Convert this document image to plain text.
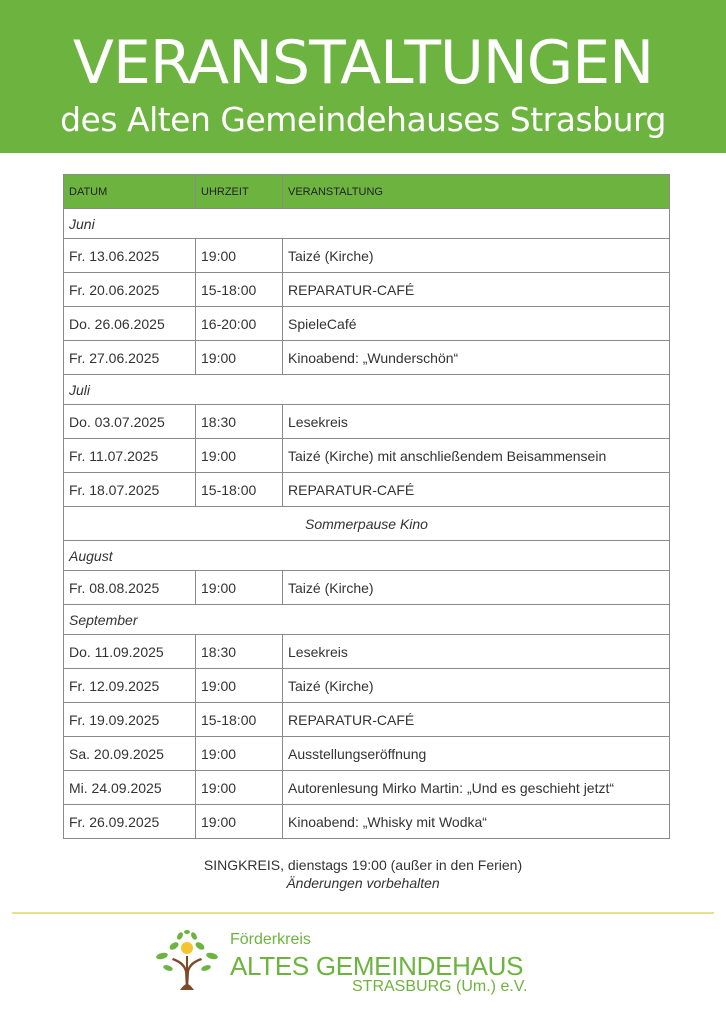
VERANSTALTUNGEN
des Alten Gemeindehauses Strasburg
DATUM	UHRZEIT	VERANSTALTUNG
Juni		
Fr. 13.06.2025	19:00	Taizé (Kirche)
Fr. 20.06.2025	15-18:00	REPARATUR-CAFÉ
Do. 26.06.2025	16-20:00	SpieleCafé
Fr. 27.06.2025	19:00	Kinoabend: „Wunderschön“
Juli		
Do. 03.07.2025	18:30	Lesekreis
Fr. 11.07.2025	19:00	Taizé (Kirche) mit anschließendem Beisammensein
Fr. 18.07.2025	15-18:00	REPARATUR-CAFÉ
Sommerpause Kino		
August		
Fr. 08.08.2025	19:00	Taizé (Kirche)
September		
Do. 11.09.2025	18:30	Lesekreis
Fr. 12.09.2025	19:00	Taizé (Kirche)
Fr. 19.09.2025	15-18:00	REPARATUR-CAFÉ
Sa. 20.09.2025	19:00	Ausstellungseröffnung
Mi. 24.09.2025	19:00	Autorenlesung Mirko Martin: „Und es geschieht jetzt“
Fr. 26.09.2025	19:00	Kinoabend: „Whisky mit Wodka“
SINGKREIS, dienstags 19:00 (außer in den Ferien)
Änderungen vorbehalten
Förderkreis
ALTES GEMEINDEHAUS
STRASBURG (Um.) e.V.
